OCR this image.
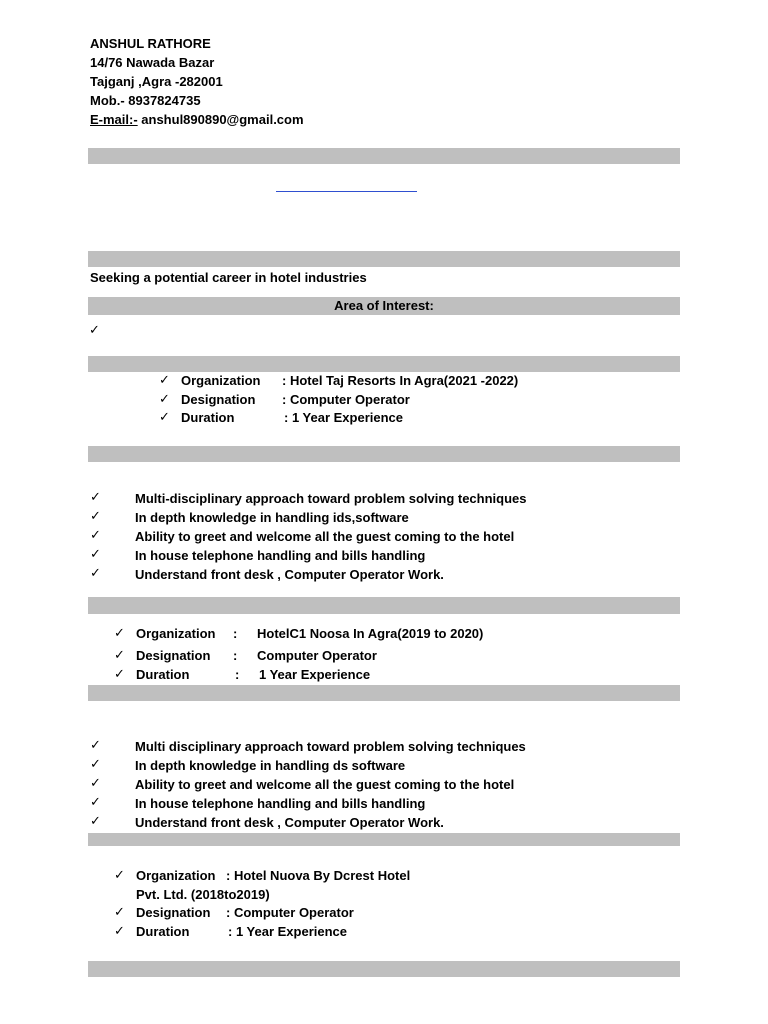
ANSHUL RATHORE
14/76 Nawada Bazar
Tajganj ,Agra -282001
Mob.- 8937824735
E-mail:- anshul890890@gmail.com
Seeking a potential career in hotel industries
Area of Interest:
✓
✓ Organization : Hotel Taj Resorts In Agra(2021 -2022)
✓ Designation : Computer Operator
✓ Duration	: 1 Year Experience
✓	Multi-disciplinary approach toward problem solving techniques
✓	In depth knowledge in handling ids,software
✓	Ability to greet and welcome all the guest coming to the hotel
✓	In house telephone handling and bills handling
✓	Understand front desk , Computer Operator Work.
✓ Organization : HotelC1 Noosa In Agra(2019 to 2020)
✓ Designation : Computer Operator
✓ Duration	: 1 Year Experience
✓	Multi disciplinary approach toward problem solving techniques
✓	In depth knowledge in handling ds software
✓	Ability to greet and welcome all the guest coming to the hotel
✓	In house telephone handling and bills handling
✓	Understand front desk , Computer Operator Work.
✓ Organization : Hotel Nuova By Dcrest Hotel
Pvt. Ltd. (2018to2019)
✓ Designation : Computer Operator
✓ Duration	: 1 Year Experience
